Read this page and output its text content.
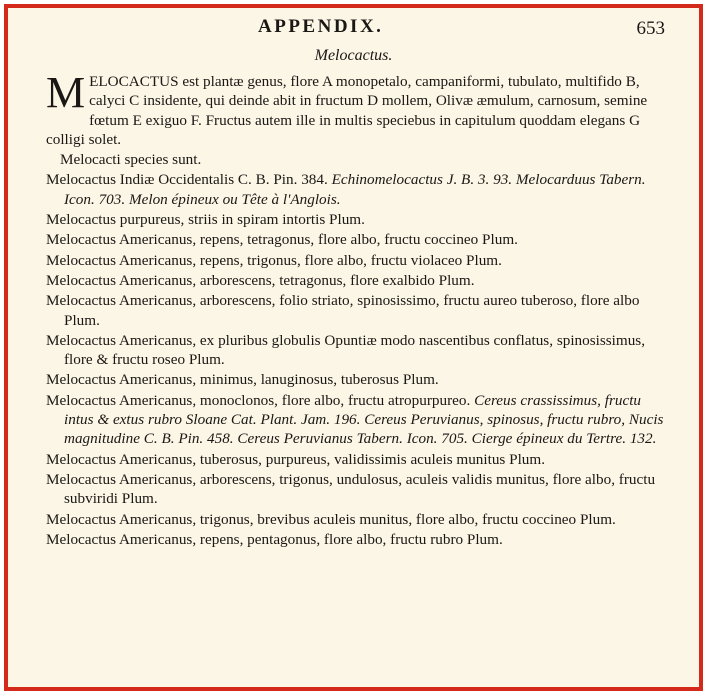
APPENDIX.	653
Melocactus.

MELOCACTUS est plantæ genus, flore A monopetalo, campaniformi, tubulato, multifido B, calyci C insidente, qui deinde abit in fructum D mollem, Olivæ æmulum, carnosum, semine fœtum E exiguo F. Fructus autem ille in multis speciebus in capitulum quoddam elegans G colligi solet.

Melocacti species sunt.

Melocactus Indiæ Occidentalis C. B. Pin. 384. Echinomelocactus J. B. 3. 93. Melocarduus Tabern. Icon. 703. Melon épineux ou Tête à l'Anglois.

Melocactus purpureus, striis in spiram intortis Plum.

Melocactus Americanus, repens, tetragonus, flore albo, fructu coccineo Plum.

Melocactus Americanus, repens, trigonus, flore albo, fructu violaceo Plum.

Melocactus Americanus, arborescens, tetragonus, flore exalbido Plum.

Melocactus Americanus, arborescens, folio striato, spinosissimo, fructu aureo tuberoso, flore albo Plum.

Melocactus Americanus, ex pluribus globulis Opuntiæ modo nascentibus conflatus, spinosissimus, flore & fructu roseo Plum.

Melocactus Americanus, minimus, lanuginosus, tuberosus Plum.

Melocactus Americanus, monoclonos, flore albo, fructu atropurpureo. Cereus crassissimus, fructu intus & extus rubro Sloane Cat. Plant. Jam. 196. Cereus Peruvianus, spinosus, fructu rubro, Nucis magnitudine C. B. Pin. 458. Cereus Peruvianus Tabern. Icon. 705. Cierge épineux du Tertre. 132.

Melocactus Americanus, tuberosus, purpureus, validissimis aculeis munitus Plum.

Melocactus Americanus, arborescens, trigonus, undulosus, aculeis validis munitus, flore albo, fructu subviridi Plum.

Melocactus Americanus, trigonus, brevibus aculeis munitus, flore albo, fructu coccineo Plum.

Melocactus Americanus, repens, pentagonus, flore albo, fructu rubro Plum.
